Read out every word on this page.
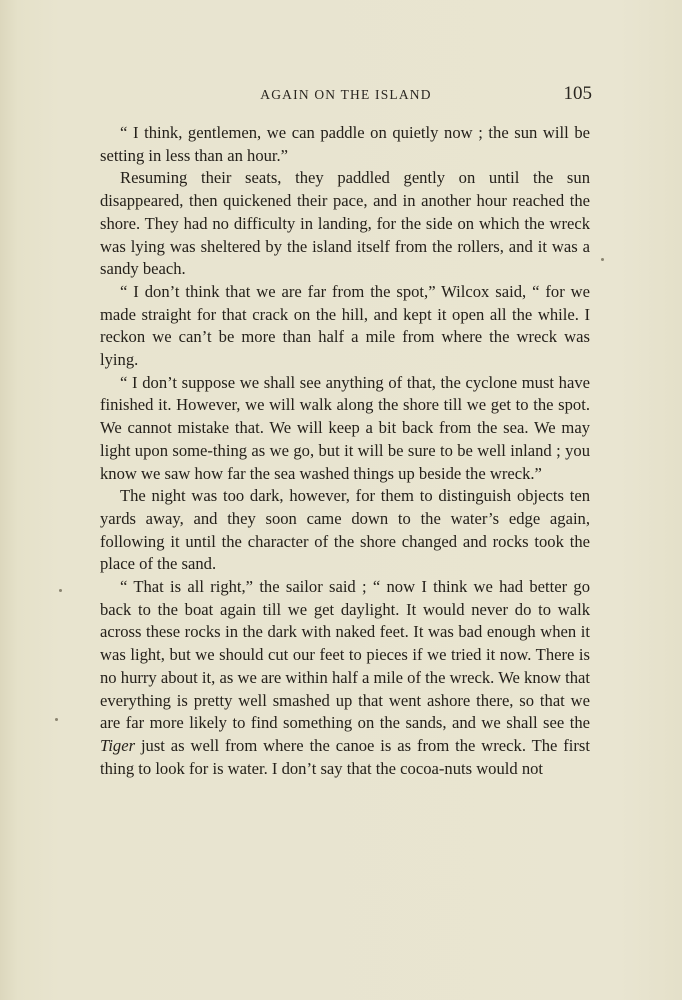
AGAIN ON THE ISLAND	105

“ I think, gentlemen, we can paddle on quietly now ; the sun will be setting in less than an hour.”

Resuming their seats, they paddled gently on until the sun disappeared, then quickened their pace, and in another hour reached the shore. They had no difficulty in landing, for the side on which the wreck was lying was sheltered by the island itself from the rollers, and it was a sandy beach.

“ I don’t think that we are far from the spot,” Wilcox said, “ for we made straight for that crack on the hill, and kept it open all the while. I reckon we can’t be more than half a mile from where the wreck was lying.

“ I don’t suppose we shall see anything of that, the cyclone must have finished it. However, we will walk along the shore till we get to the spot. We cannot mistake that. We will keep a bit back from the sea. We may light upon some-thing as we go, but it will be sure to be well inland ; you know we saw how far the sea washed things up beside the wreck.”

The night was too dark, however, for them to distinguish objects ten yards away, and they soon came down to the water’s edge again, following it until the character of the shore changed and rocks took the place of the sand.

“ That is all right,” the sailor said ; “ now I think we had better go back to the boat again till we get daylight. It would never do to walk across these rocks in the dark with naked feet. It was bad enough when it was light, but we should cut our feet to pieces if we tried it now. There is no hurry about it, as we are within half a mile of the wreck. We know that everything is pretty well smashed up that went ashore there, so that we are far more likely to find something on the sands, and we shall see the Tiger just as well from where the canoe is as from the wreck. The first thing to look for is water. I don’t say that the cocoa-nuts would not
